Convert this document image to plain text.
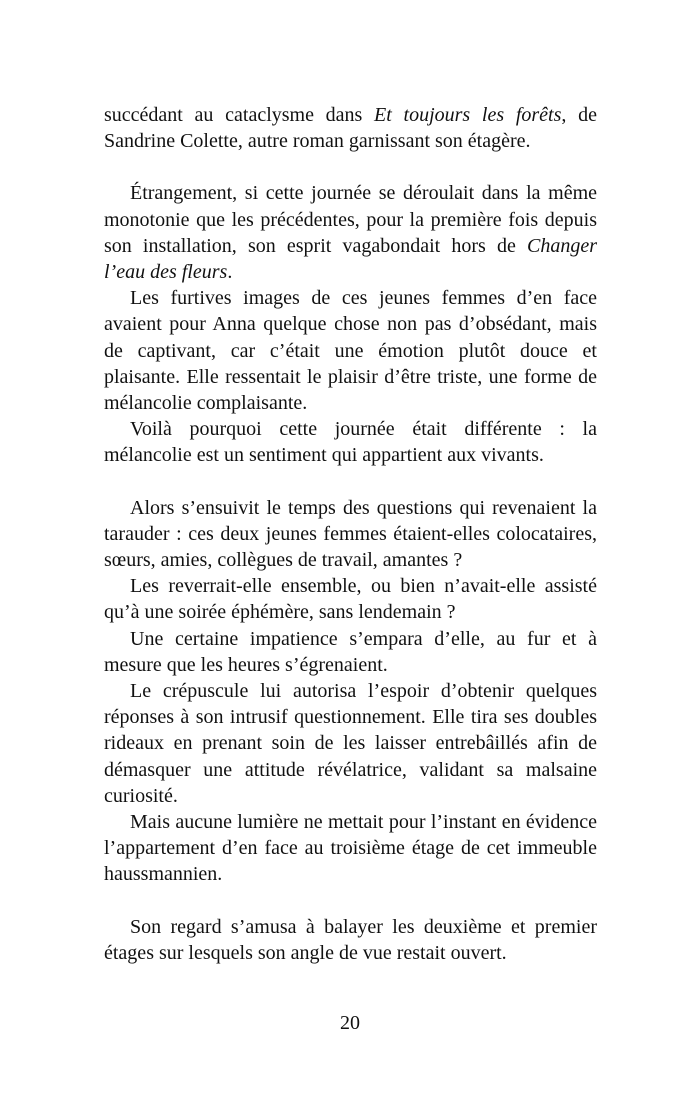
succédant au cataclysme dans Et toujours les forêts, de Sandrine Colette, autre roman garnissant son étagère.

Étrangement, si cette journée se déroulait dans la même monotonie que les précédentes, pour la première fois depuis son installation, son esprit vagabondait hors de Changer l’eau des fleurs.

Les furtives images de ces jeunes femmes d’en face avaient pour Anna quelque chose non pas d’obsédant, mais de captivant, car c’était une émotion plutôt douce et plaisante. Elle ressentait le plaisir d’être triste, une forme de mélancolie complaisante.

Voilà pourquoi cette journée était différente : la mélancolie est un sentiment qui appartient aux vivants.

Alors s’ensuivit le temps des questions qui revenaient la tarauder : ces deux jeunes femmes étaient-elles colocataires, sœurs, amies, collègues de travail, amantes ?

Les reverrait-elle ensemble, ou bien n’avait-elle assisté qu’à une soirée éphémère, sans lendemain ?

Une certaine impatience s’empara d’elle, au fur et à mesure que les heures s’égrenaient.

Le crépuscule lui autorisa l’espoir d’obtenir quelques réponses à son intrusif questionnement. Elle tira ses doubles rideaux en prenant soin de les laisser entrebâillés afin de démasquer une attitude révélatrice, validant sa malsaine curiosité.

Mais aucune lumière ne mettait pour l’instant en évidence l’appartement d’en face au troisième étage de cet immeuble haussmannien.

Son regard s’amusa à balayer les deuxième et premier étages sur lesquels son angle de vue restait ouvert.

20
